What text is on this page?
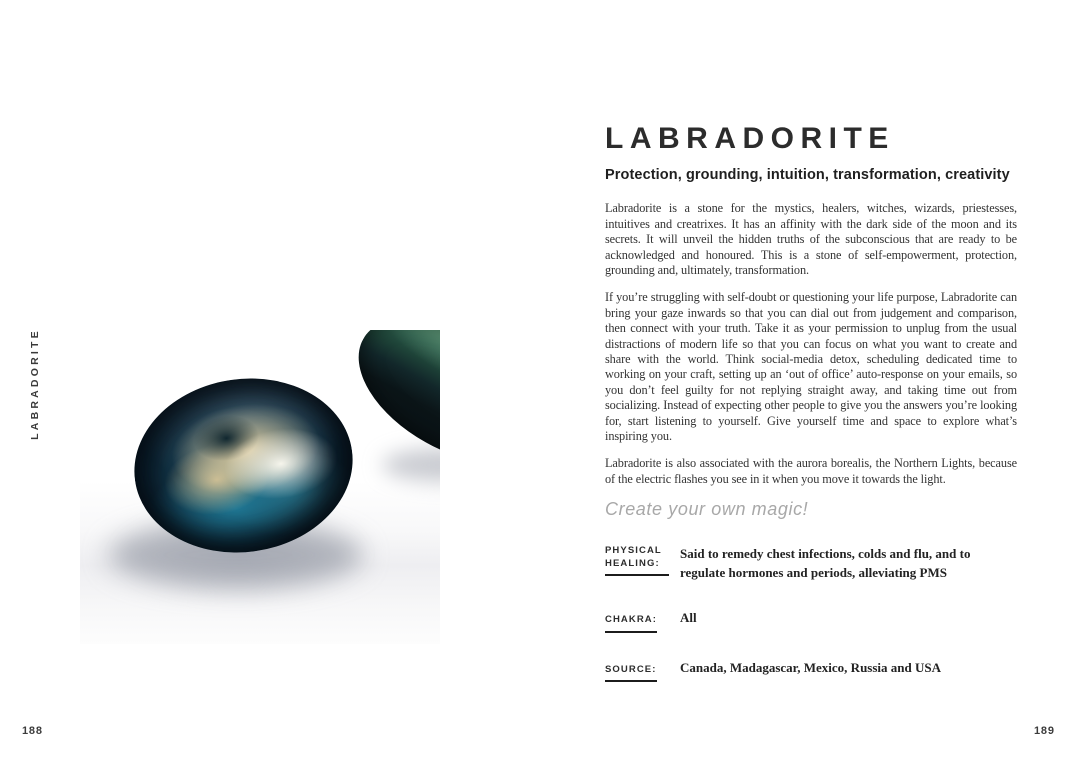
LABRADORITE
188
LABRADORITE
Protection, grounding, intuition, transformation, creativity

Labradorite is a stone for the mystics, healers, witches, wizards, priestesses, intuitives and creatrixes. It has an affinity with the dark side of the moon and its secrets. It will unveil the hidden truths of the subconscious that are ready to be acknowledged and honoured. This is a stone of self-empowerment, protection, grounding and, ultimately, transformation.

If you’re struggling with self-doubt or questioning your life purpose, Labradorite can bring your gaze inwards so that you can dial out from judgement and comparison, then connect with your truth. Take it as your permission to unplug from the usual distractions of modern life so that you can focus on what you want to create and share with the world. Think social-media detox, scheduling dedicated time to working on your craft, setting up an ‘out of office’ auto-response on your emails, so you don’t feel guilty for not replying straight away, and taking time out from socializing. Instead of expecting other people to give you the answers you’re looking for, start listening to yourself. Give yourself time and space to explore what’s inspiring you.

Labradorite is also associated with the aurora borealis, the Northern Lights, because of the electric flashes you see in it when you move it towards the light.

Create your own magic!
PHYSICAL HEALING:
Said to remedy chest infections, colds and flu, and to regulate hormones and periods, alleviating PMS
CHAKRA:	All
SOURCE:	Canada, Madagascar, Mexico, Russia and USA
189
